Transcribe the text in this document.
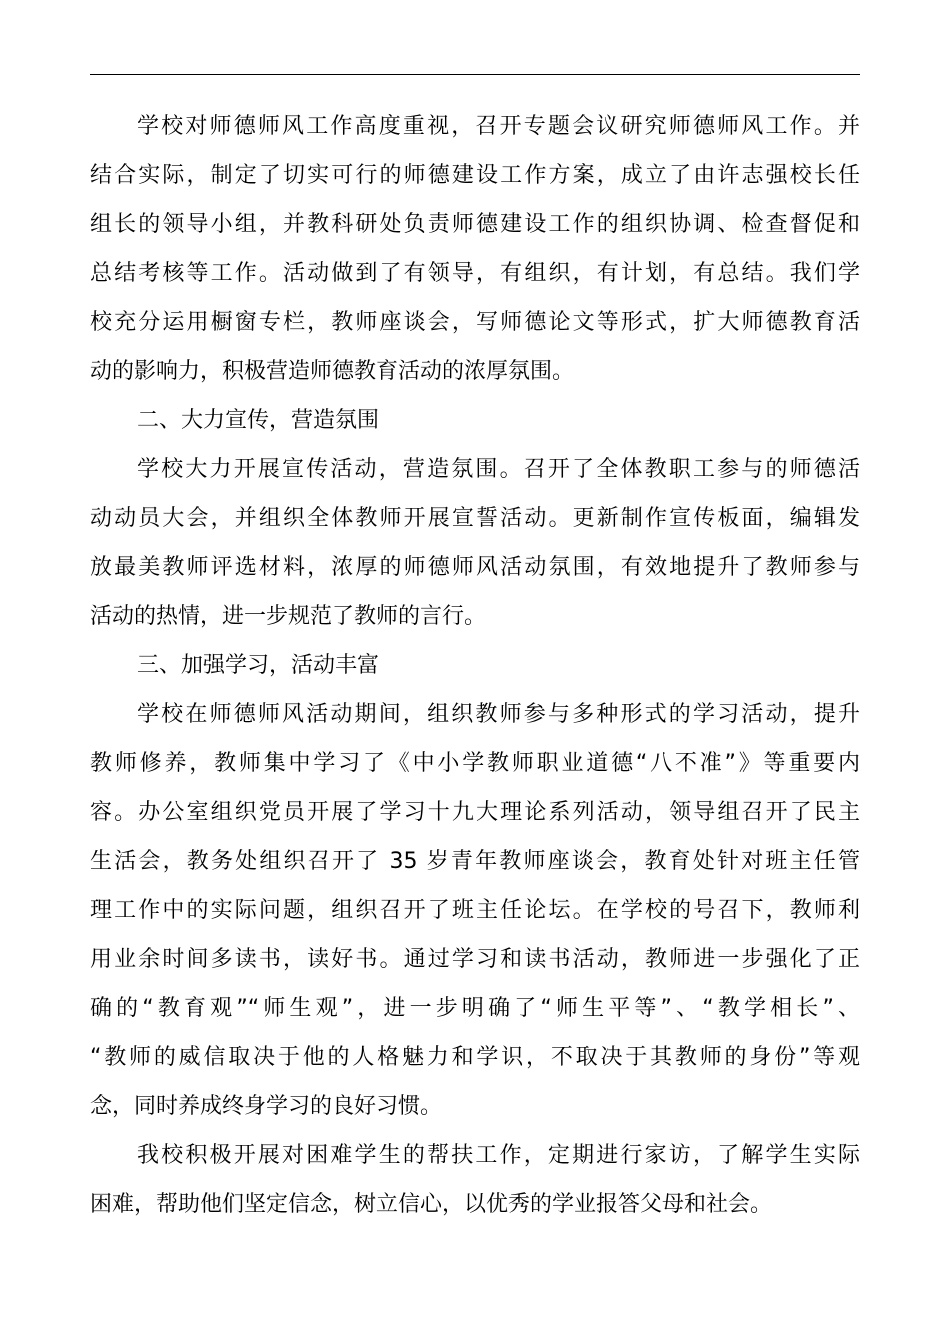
学校对师德师风工作高度重视，召开专题会议研究师德师风工作。并
结合实际，制定了切实可行的师德建设工作方案，成立了由许志强校长任
组长的领导小组，并教科研处负责师德建设工作的组织协调、检查督促和
总结考核等工作。活动做到了有领导，有组织，有计划，有总结。我们学
校充分运用橱窗专栏，教师座谈会，写师德论文等形式，扩大师德教育活
动的影响力，积极营造师德教育活动的浓厚氛围。
二、大力宣传，营造氛围
学校大力开展宣传活动，营造氛围。召开了全体教职工参与的师德活
动动员大会，并组织全体教师开展宣誓活动。更新制作宣传板面，编辑发
放最美教师评选材料，浓厚的师德师风活动氛围，有效地提升了教师参与
活动的热情，进一步规范了教师的言行。
三、加强学习，活动丰富
学校在师德师风活动期间，组织教师参与多种形式的学习活动，提升
教师修养，教师集中学习了《中小学教师职业道德“八不准”》等重要内
容。办公室组织党员开展了学习十九大理论系列活动，领导组召开了民主
生活会，教务处组织召开了 35 岁青年教师座谈会，教育处针对班主任管
理工作中的实际问题，组织召开了班主任论坛。在学校的号召下，教师利
用业余时间多读书，读好书。通过学习和读书活动，教师进一步强化了正
确的“教育观”“师生观”，进一步明确了“师生平等”、“教学相长”、
“教师的威信取决于他的人格魅力和学识，不取决于其教师的身份”等观
念，同时养成终身学习的良好习惯。
我校积极开展对困难学生的帮扶工作，定期进行家访，了解学生实际
困难，帮助他们坚定信念，树立信心，以优秀的学业报答父母和社会。
